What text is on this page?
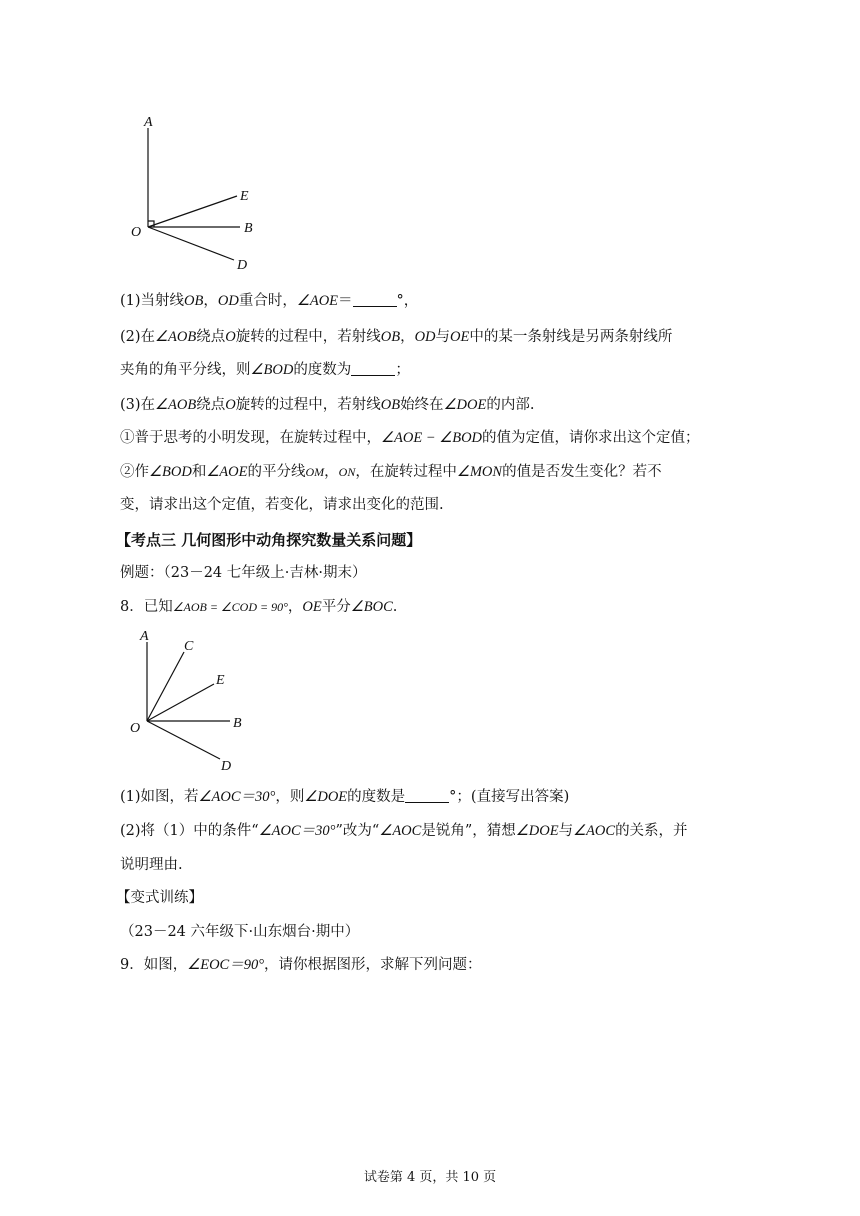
A
E
O	B
D
(1)当射线OB，OD重合时，∠AOE＝	°，
(2)在∠AOB绕点O旋转的过程中，若射线OB，OD与OE中的某一条射线是另两条射线所
夹角的角平分线，则∠BOD的度数为	；
(3)在∠AOB绕点O旋转的过程中，若射线OB始终在∠DOE的内部.
①普于思考的小明发现，在旋转过程中，∠AOE − ∠BOD的值为定值，请你求出这个定值；
②作∠BOD和∠AOE的平分线OM，ON，在旋转过程中∠MON的值是否发生变化？若不
变，请求出这个定值，若变化，请求出变化的范围.
【考点三 几何图形中动角探究数量关系问题】
例题：（23－24 七年级上·吉林·期末）
8．已知∠AOB = ∠COD = 90°，OE平分∠BOC.
A
C
E
O	B
D
(1)如图，若∠AOC＝30°，则∠DOE的度数是	°；(直接写出答案)
(2)将（1）中的条件“∠AOC＝30°”改为“∠AOC是锐角”，猜想∠DOE与∠AOC的关系，并
说明理由.
【变式训练】
（23－24 六年级下·山东烟台·期中）
9．如图，∠EOC＝90°，请你根据图形，求解下列问题：
试卷第 4 页，共 10 页
